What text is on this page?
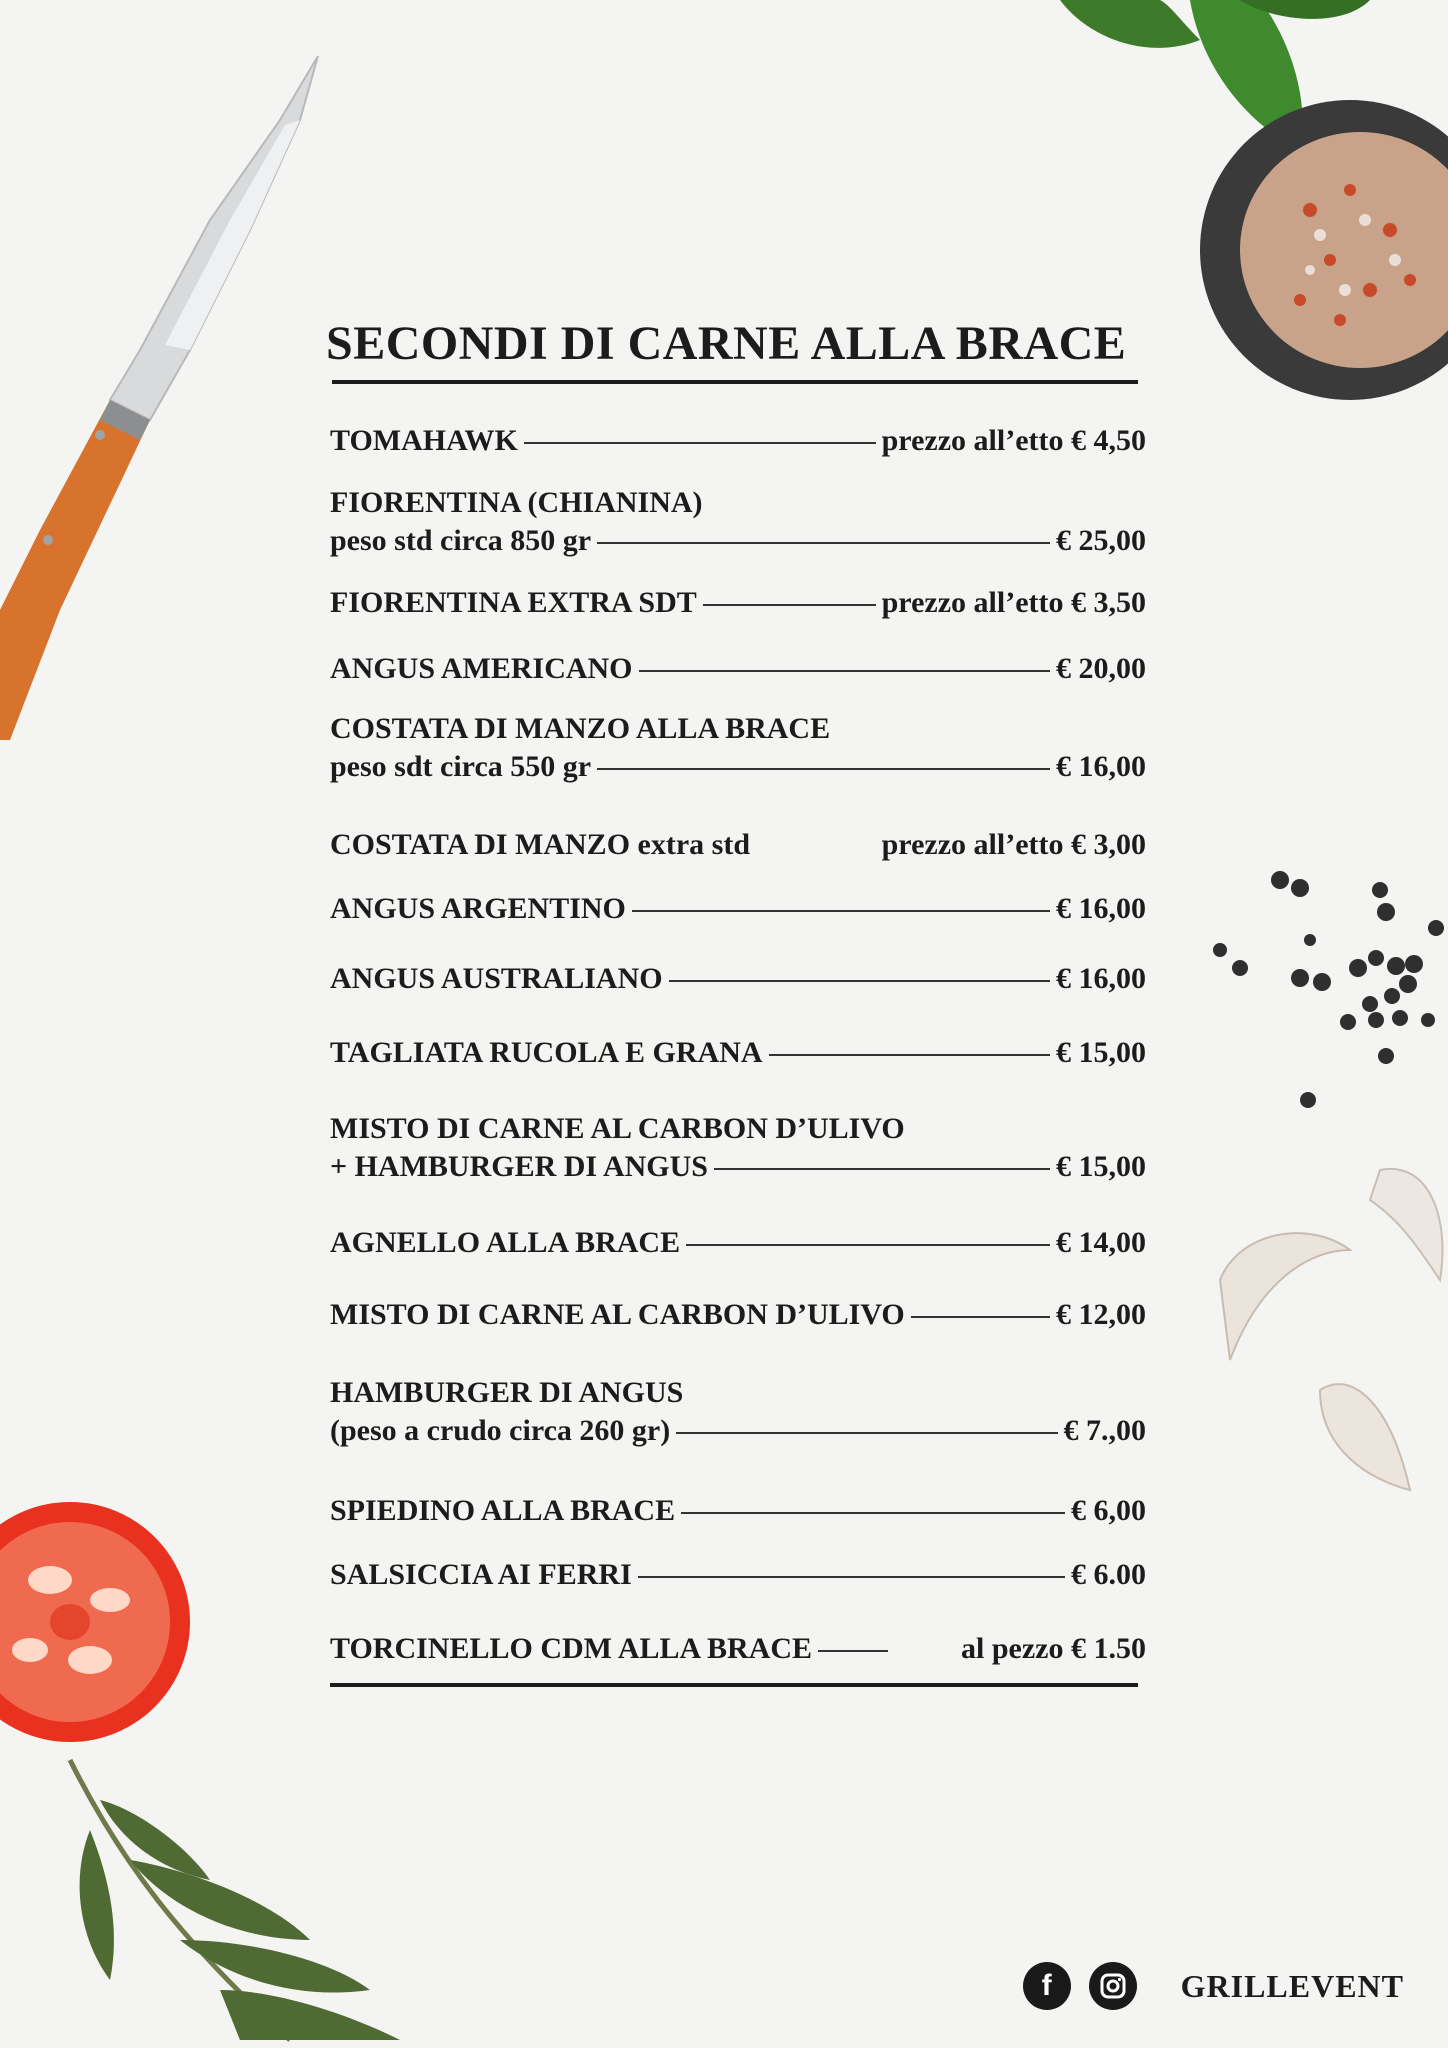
SECONDI DI CARNE ALLA BRACE
TOMAHAWK	prezzo all’etto € 4,50
FIORENTINA (CHIANINA)
peso std circa 850 gr	€ 25,00
FIORENTINA EXTRA SDT	prezzo all’etto € 3,50
ANGUS AMERICANO	€ 20,00
COSTATA DI MANZO ALLA BRACE
peso sdt circa 550 gr	€ 16,00
COSTATA DI MANZO extra std	prezzo all’etto € 3,00
ANGUS ARGENTINO	€ 16,00
ANGUS AUSTRALIANO	€ 16,00
TAGLIATA RUCOLA E GRANA	€ 15,00
MISTO DI CARNE AL CARBON D’ULIVO
+ HAMBURGER DI ANGUS	€ 15,00
AGNELLO ALLA BRACE	€ 14,00
MISTO DI CARNE AL CARBON D’ULIVO	€ 12,00
HAMBURGER DI ANGUS
(peso a crudo circa 260 gr)	€ 7.,00
SPIEDINO ALLA BRACE	€ 6,00
SALSICCIA AI FERRI	€ 6.00
TORCINELLO CDM ALLA BRACE	al pezzo € 1.50
f	GRILLEVENT
